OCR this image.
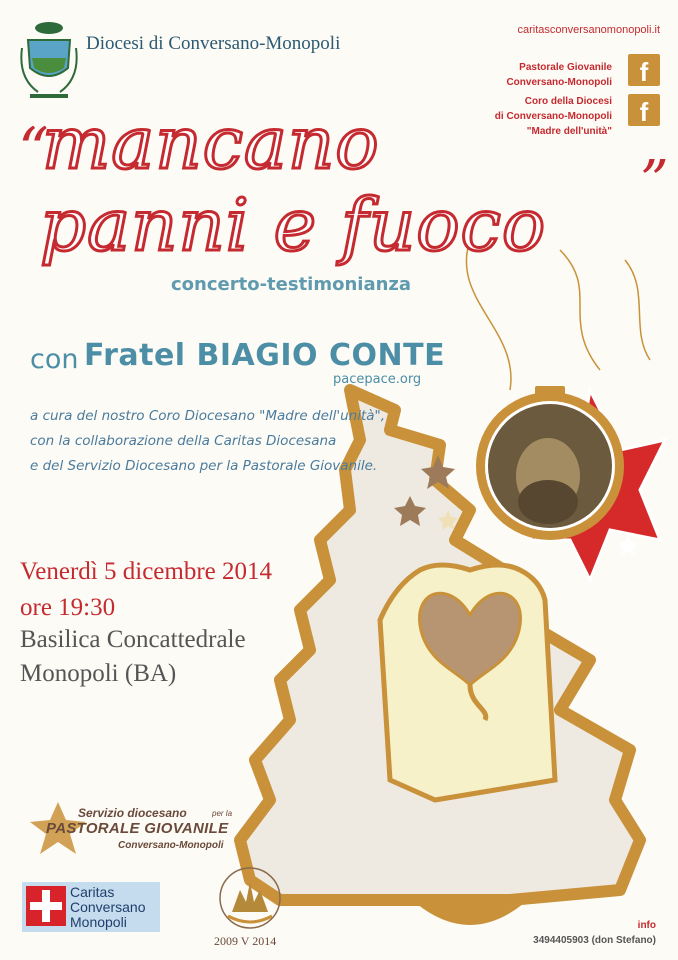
Diocesi di Conversano-Monopoli
caritasconversanomonopoli.it
Pastorale Giovanile
Conversano-Monopoli	f
Coro della Diocesi
di Conversano-Monopoli
"Madre dell'unità"
f
“
mancano
panni e fuoco
”
concerto-testimonianza
con Fratel BIAGIO CONTE
pacepace.org
a cura del nostro Coro Diocesano "Madre dell'unità",
con la collaborazione della Caritas Diocesana
e del Servizio Diocesano per la Pastorale Giovanile.
Venerdì 5 dicembre 2014
ore 19:30
Basilica Concattedrale
Monopoli (BA)
Servizio diocesano	per la
PASTORALE GIOVANILE
Conversano-Monopoli
Caritas
Conversano
Monopoli
2009 V 2014
info
3494405903 (don Stefano)
